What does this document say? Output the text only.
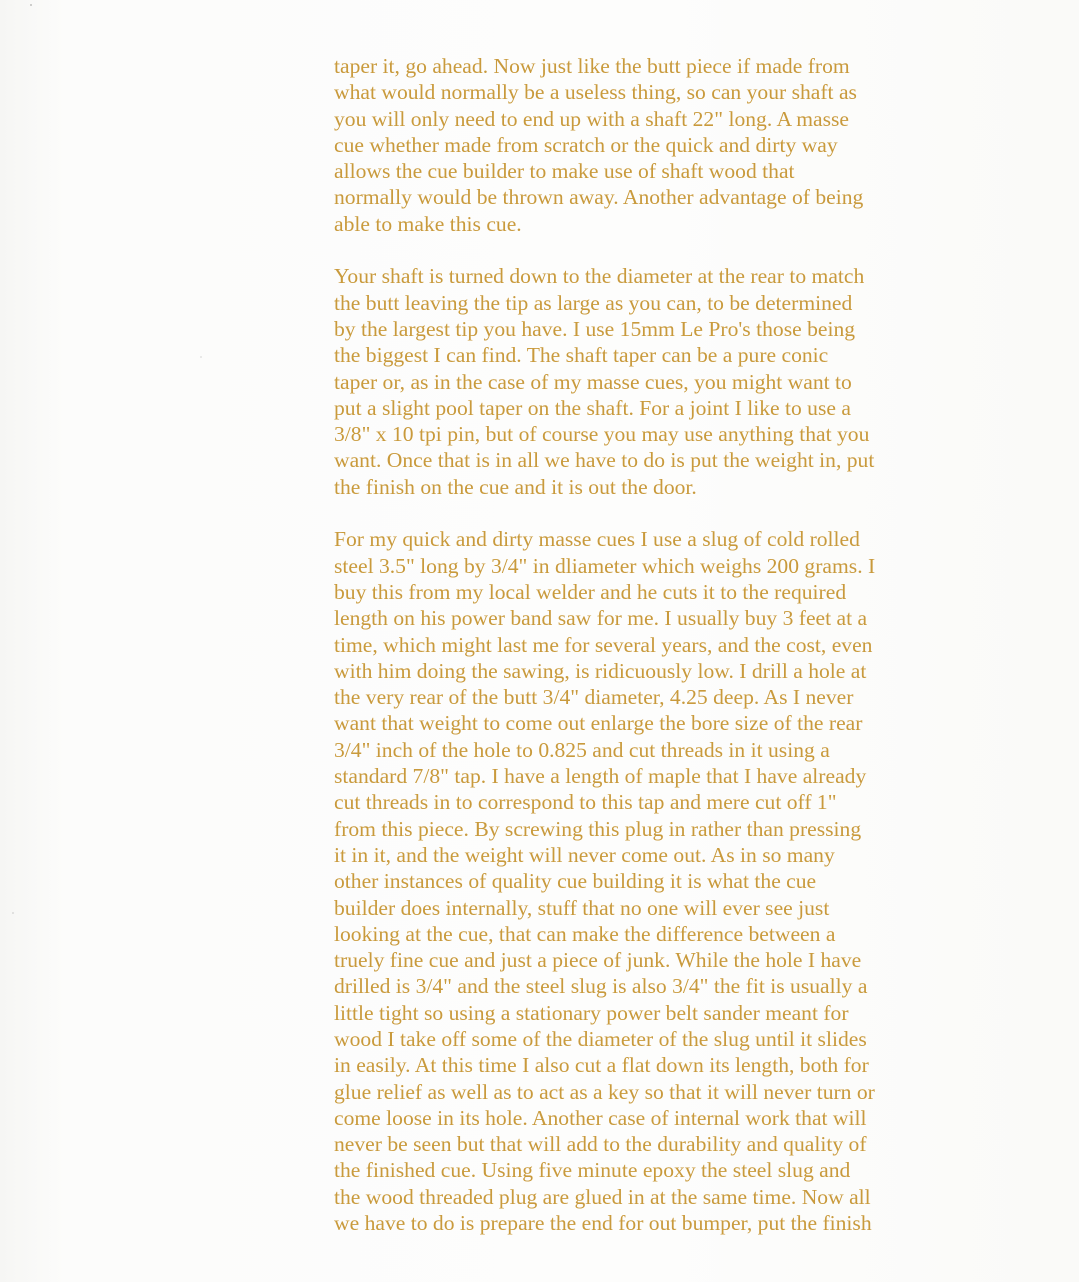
taper it, go ahead. Now just like the butt piece if made from
what would normally be a useless thing, so can your shaft as
you will only need to end up with a shaft 22" long. A masse
cue whether made from scratch or the quick and dirty way
allows the cue builder to make use of shaft wood that
normally would be thrown away. Another advantage of being
able to make this cue.
Your shaft is turned down to the diameter at the rear to match
the butt leaving the tip as large as you can, to be determined
by the largest tip you have. I use 15mm Le Pro's those being
the biggest I can find. The shaft taper can be a pure conic
taper or, as in the case of my masse cues, you might want to
put a slight pool taper on the shaft. For a joint I like to use a
3/8" x 10 tpi pin, but of course you may use anything that you
want. Once that is in all we have to do is put the weight in, put
the finish on the cue and it is out the door.
For my quick and dirty masse cues I use a slug of cold rolled
steel 3.5" long by 3/4" in dliameter which weighs 200 grams. I
buy this from my local welder and he cuts it to the required
length on his power band saw for me. I usually buy 3 feet at a
time, which might last me for several years, and the cost, even
with him doing the sawing, is ridicuously low. I drill a hole at
the very rear of the butt 3/4" diameter, 4.25 deep. As I never
want that weight to come out enlarge the bore size of the rear
3/4" inch of the hole to 0.825 and cut threads in it using a
standard 7/8" tap. I have a length of maple that I have already
cut threads in to correspond to this tap and mere cut off 1"
from this piece. By screwing this plug in rather than pressing
it in it, and the weight will never come out. As in so many
other instances of quality cue building it is what the cue
builder does internally, stuff that no one will ever see just
looking at the cue, that can make the difference between a
truely fine cue and just a piece of junk. While the hole I have
drilled is 3/4" and the steel slug is also 3/4" the fit is usually a
little tight so using a stationary power belt sander meant for
wood I take off some of the diameter of the slug until it slides
in easily. At this time I also cut a flat down its length, both for
glue relief as well as to act as a key so that it will never turn or
come loose in its hole. Another case of internal work that will
never be seen but that will add to the durability and quality of
the finished cue. Using five minute epoxy the steel slug and
the wood threaded plug are glued in at the same time. Now all
we have to do is prepare the end for out bumper, put the finish
